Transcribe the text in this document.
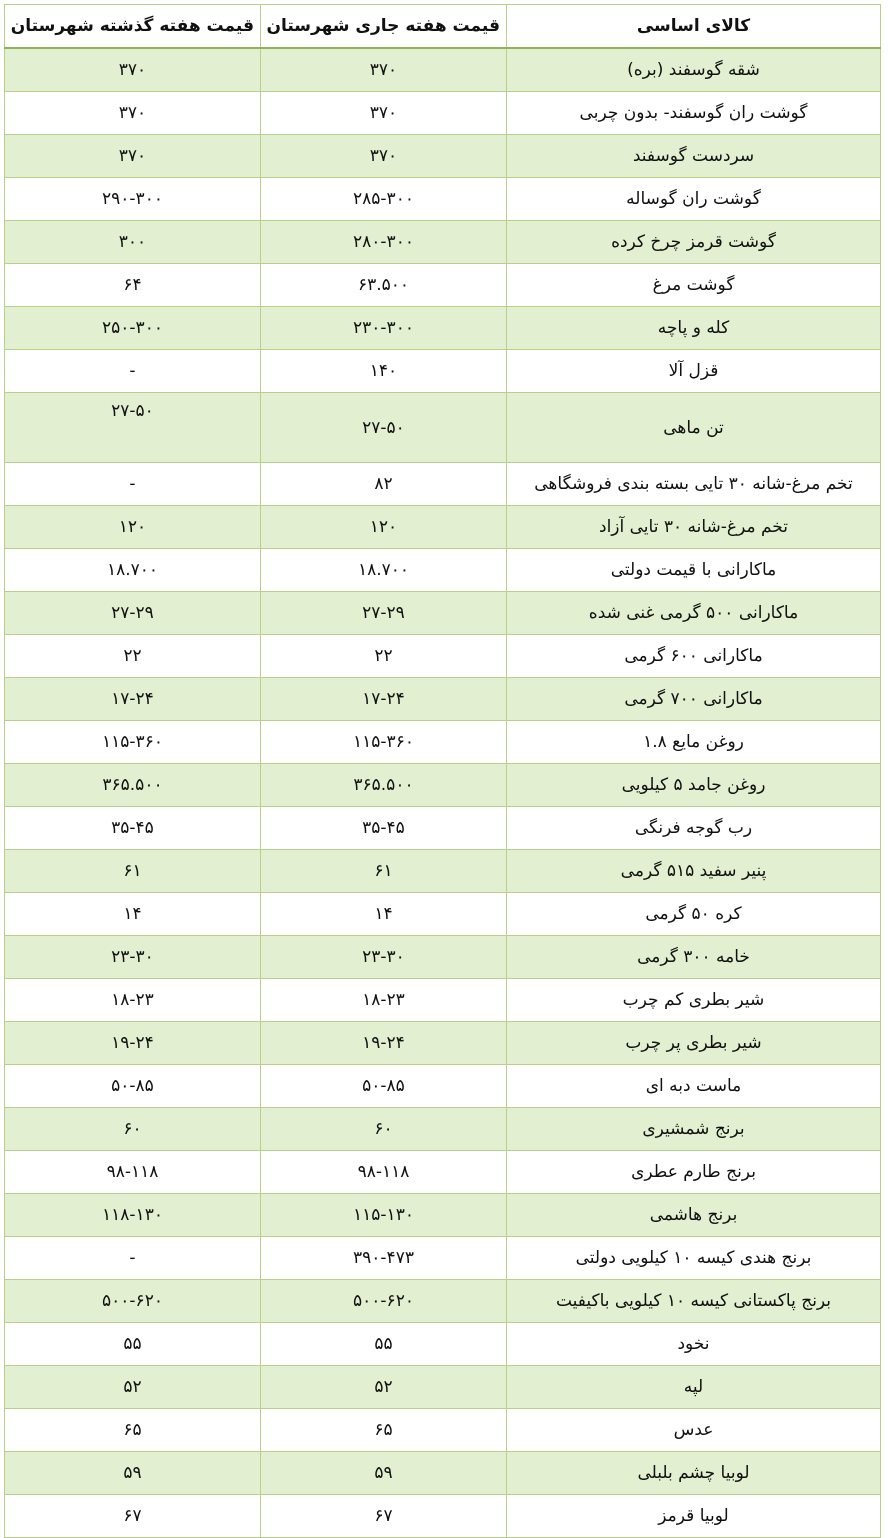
کالای اساسی	قیمت هفته جاری شهرستان	قیمت هفته گذشته شهرستان
شقه گوسفند (بره)	۳۷۰	۳۷۰
گوشت ران گوسفند- بدون چربی	۳۷۰	۳۷۰
سردست گوسفند	۳۷۰	۳۷۰
گوشت ران گوساله	۲۸۵-۳۰۰	۲۹۰-۳۰۰
گوشت قرمز چرخ کرده	۲۸۰-۳۰۰	۳۰۰
گوشت مرغ	۶۳.۵۰۰	۶۴
کله و پاچه	۲۳۰-۳۰۰	۲۵۰-۳۰۰
قزل آلا	۱۴۰	-
تن ماهی	۲۷-۵۰	۲۷-۵۰
تخم مرغ-شانه ۳۰ تایی بسته بندی فروشگاهی	۸۲	-
تخم مرغ-شانه ۳۰ تایی آزاد	۱۲۰	۱۲۰
ماکارانی با قیمت دولتی	۱۸.۷۰۰	۱۸.۷۰۰
ماکارانی ۵۰۰ گرمی غنی شده	۲۷-۲۹	۲۷-۲۹
ماکارانی ۶۰۰ گرمی	۲۲	۲۲
ماکارانی ۷۰۰ گرمی	۱۷-۲۴	۱۷-۲۴
روغن مایع ۱.۸	۱۱۵-۳۶۰	۱۱۵-۳۶۰
روغن جامد ۵ کیلویی	۳۶۵.۵۰۰	۳۶۵.۵۰۰
رب گوجه فرنگی	۳۵-۴۵	۳۵-۴۵
پنیر سفید ۵۱۵ گرمی	۶۱	۶۱
کره ۵۰ گرمی	۱۴	۱۴
خامه ۳۰۰ گرمی	۲۳-۳۰	۲۳-۳۰
شیر بطری کم چرب	۱۸-۲۳	۱۸-۲۳
شیر بطری پر چرب	۱۹-۲۴	۱۹-۲۴
ماست دبه ای	۵۰-۸۵	۵۰-۸۵
برنج شمشیری	۶۰	۶۰
برنج طارم عطری	۹۸-۱۱۸	۹۸-۱۱۸
برنج هاشمی	۱۱۵-۱۳۰	۱۱۸-۱۳۰
برنج هندی کیسه ۱۰ کیلویی دولتی	۳۹۰-۴۷۳	-
برنج پاکستانی کیسه ۱۰ کیلویی باکیفیت	۵۰۰-۶۲۰	۵۰۰-۶۲۰
نخود	۵۵	۵۵
لپه	۵۲	۵۲
عدس	۶۵	۶۵
لوبیا چشم بلبلی	۵۹	۵۹
لوبیا قرمز	۶۷	۶۷
